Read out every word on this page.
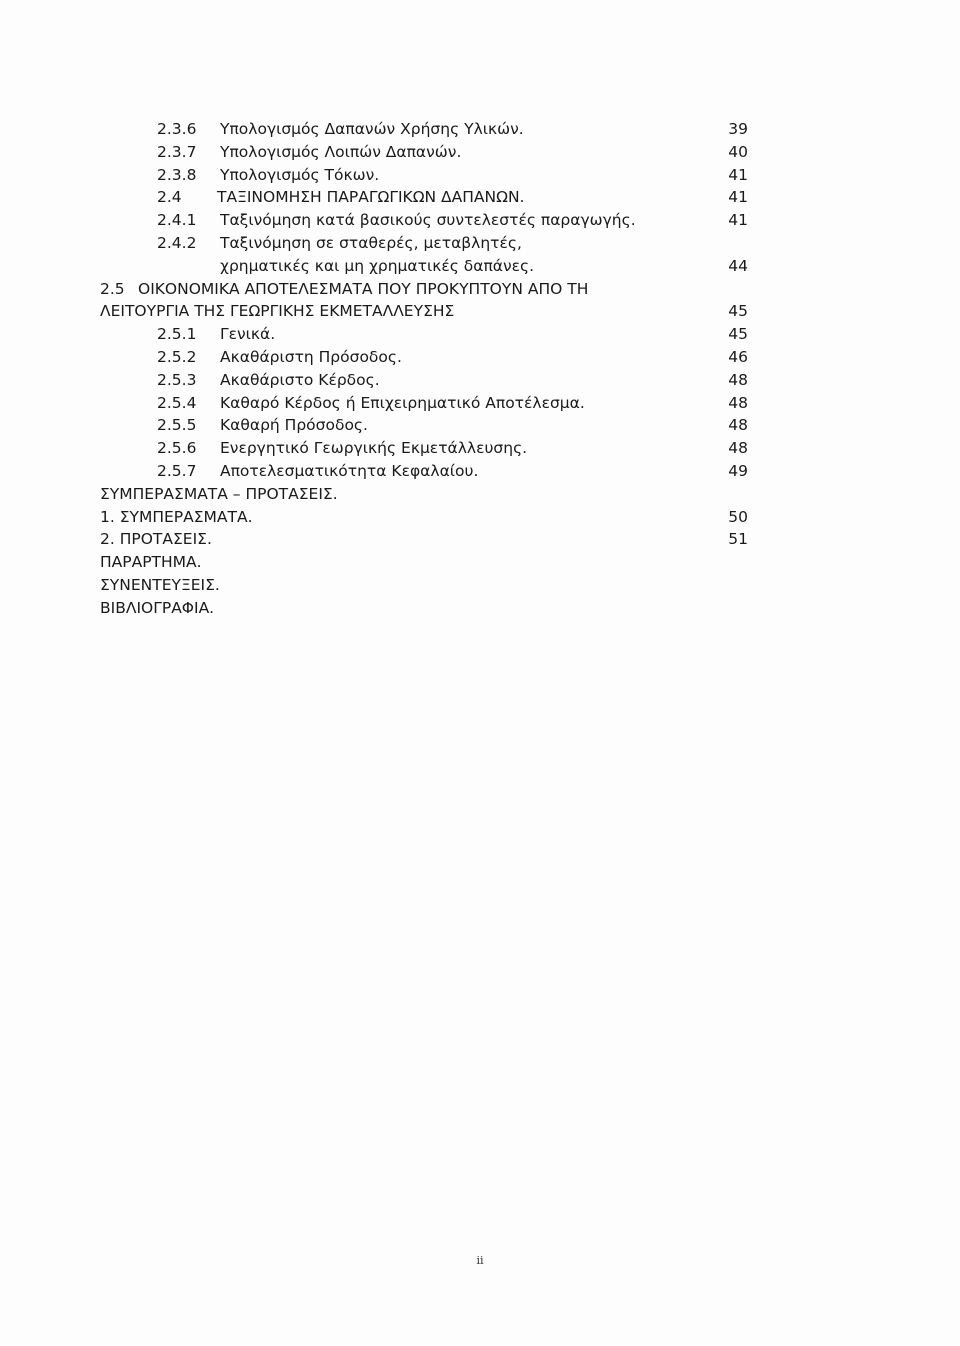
2.3.6 Υπολογισμός Δαπανών Χρήσης Υλικών.	39
2.3.7 Υπολογισμός Λοιπών Δαπανών.	40
2.3.8 Υπολογισμός Τόκων.	41
2.4 ΤΑΞΙΝΟΜΗΣΗ ΠΑΡΑΓΩΓΙΚΩΝ ΔΑΠΑΝΩΝ.	41
2.4.1 Ταξινόμηση κατά βασικούς συντελεστές παραγωγής.	41
2.4.2 Ταξινόμηση σε σταθερές, μεταβλητές,
χρηματικές και μη χρηματικές δαπάνες.	44
2.5 ΟΙΚΟΝΟΜΙΚΑ ΑΠΟΤΕΛΕΣΜΑΤΑ ΠΟΥ ΠΡΟΚΥΠΤΟΥΝ ΑΠΟ ΤΗ
ΛΕΙΤΟΥΡΓΙΑ ΤΗΣ ΓΕΩΡΓΙΚΗΣ ΕΚΜΕΤΑΛΛΕΥΣΗΣ	45
2.5.1 Γενικά.	45
2.5.2 Ακαθάριστη Πρόσοδος.	46
2.5.3 Ακαθάριστο Κέρδος.	48
2.5.4 Καθαρό Κέρδος ή Επιχειρηματικό Αποτέλεσμα.	48
2.5.5 Καθαρή Πρόσοδος.	48
2.5.6 Ενεργητικό Γεωργικής Εκμετάλλευσης.	48
2.5.7 Αποτελεσματικότητα Κεφαλαίου.	49
ΣΥΜΠΕΡΑΣΜΑΤΑ – ΠΡΟΤΑΣΕΙΣ.
1. ΣΥΜΠΕΡΑΣΜΑΤΑ.	50
2. ΠΡΟΤΑΣΕΙΣ.	51
ΠΑΡΑΡΤΗΜΑ.
ΣΥΝΕΝΤΕΥΞΕΙΣ.
ΒΙΒΛΙΟΓΡΑΦΙΑ.
ii
